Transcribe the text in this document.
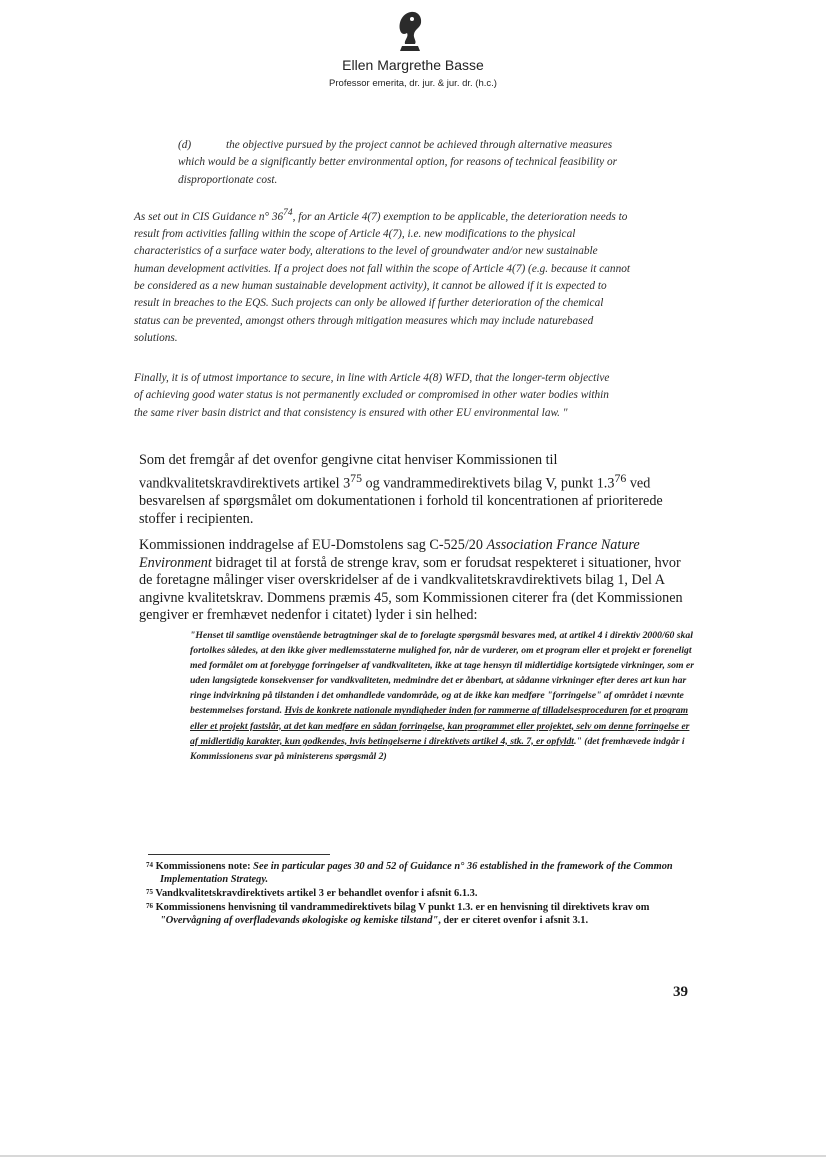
Ellen Margrethe Basse
Professor emerita, dr. jur. & jur. dr. (h.c.)

(d)	the objective pursued by the project cannot be achieved through alternative measures which would be a significantly better environmental option, for reasons of technical feasibility or disproportionate cost.

As set out in CIS Guidance n° $36^{74}$, for an Article 4(7) exemption to be applicable, the deterioration needs to result from activities falling within the scope of Article 4(7), i.e. new modifications to the physical characteristics of a surface water body, alterations to the level of groundwater and/or new sustainable human development activities. If a project does not fall within the scope of Article 4(7) (e.g. because it cannot be considered as a new human sustainable development activity), it cannot be allowed if it is expected to result in breaches to the EQS. Such projects can only be allowed if further deterioration of the chemical status can be prevented, amongst others through mitigation measures which may include naturebased solutions.

Finally, it is of utmost importance to secure, in line with Article 4(8) WFD, that the longer-term objective of achieving good water status is not permanently excluded or compromised in other water bodies within the same river basin district and that consistency is ensured with other EU environmental law. "

Som det fremgår af det ovenfor gengivne citat henviser Kommissionen til vandkvalitetskravdirektivets artikel $3^{75}$ og vandrammedirektivets bilag V, punkt $1.3^{76}$ ved besvarelsen af spørgsmålet om dokumentationen i forhold til koncentrationen af prioriterede stoffer i recipienten.

Kommissionen inddragelse af EU-Domstolens sag C-525/20 Association France Nature Environment bidraget til at forstå de strenge krav, som er forudsat respekteret i situationer, hvor de foretagne målinger viser overskridelser af de i vandkvalitetskravdirektivets bilag 1, Del A angivne kvalitetskrav. Dommens præmis 45, som Kommissionen citerer fra (det Kommissionen gengiver er fremhævet nedenfor i citatet) lyder i sin helhed:

"Henset til samtlige ovenstående betragtninger skal de to forelagte spørgsmål besvares med, at artikel 4 i direktiv 2000/60 skal fortolkes således, at den ikke giver medlemsstaterne mulighed for, når de vurderer, om et program eller et projekt er foreneligt med formålet om at forebygge forringelser af vandkvaliteten, ikke at tage hensyn til midlertidige kortsigtede virkninger, som er uden langsigtede konsekvenser for vandkvaliteten, medmindre det er åbenbart, at sådanne virkninger efter deres art kun har ringe indvirkning på tilstanden i det omhandlede vandområde, og at de ikke kan medføre "forringelse" af området i nævnte bestemmelses forstand. Hvis de konkrete nationale myndigheder inden for rammerne af tilladelsesproceduren for et program eller et projekt fastslår, at det kan medføre en sådan forringelse, kan programmet eller projektet, selv om denne forringelse er af midlertidig karakter, kun godkendes, hvis betingelserne i direktivets artikel 4, stk. 7, er opfyldt." (det fremhævede indgår i Kommissionens svar på ministerens spørgsmål 2)

$^{74}$ Kommissionens note: See in particular pages 30 and 52 of Guidance n° 36 established in the framework of the Common Implementation Strategy.

$^{75}$ Vandkvalitetskravdirektivets artikel 3 er behandlet ovenfor i afsnit 6.1.3.

$^{76}$ Kommissionens henvisning til vandrammedirektivets bilag V punkt 1.3. er en henvisning til direktivets krav om "Overvågning af overfladevands økologiske og kemiske tilstand", der er citeret ovenfor i afsnit 3.1.

39
